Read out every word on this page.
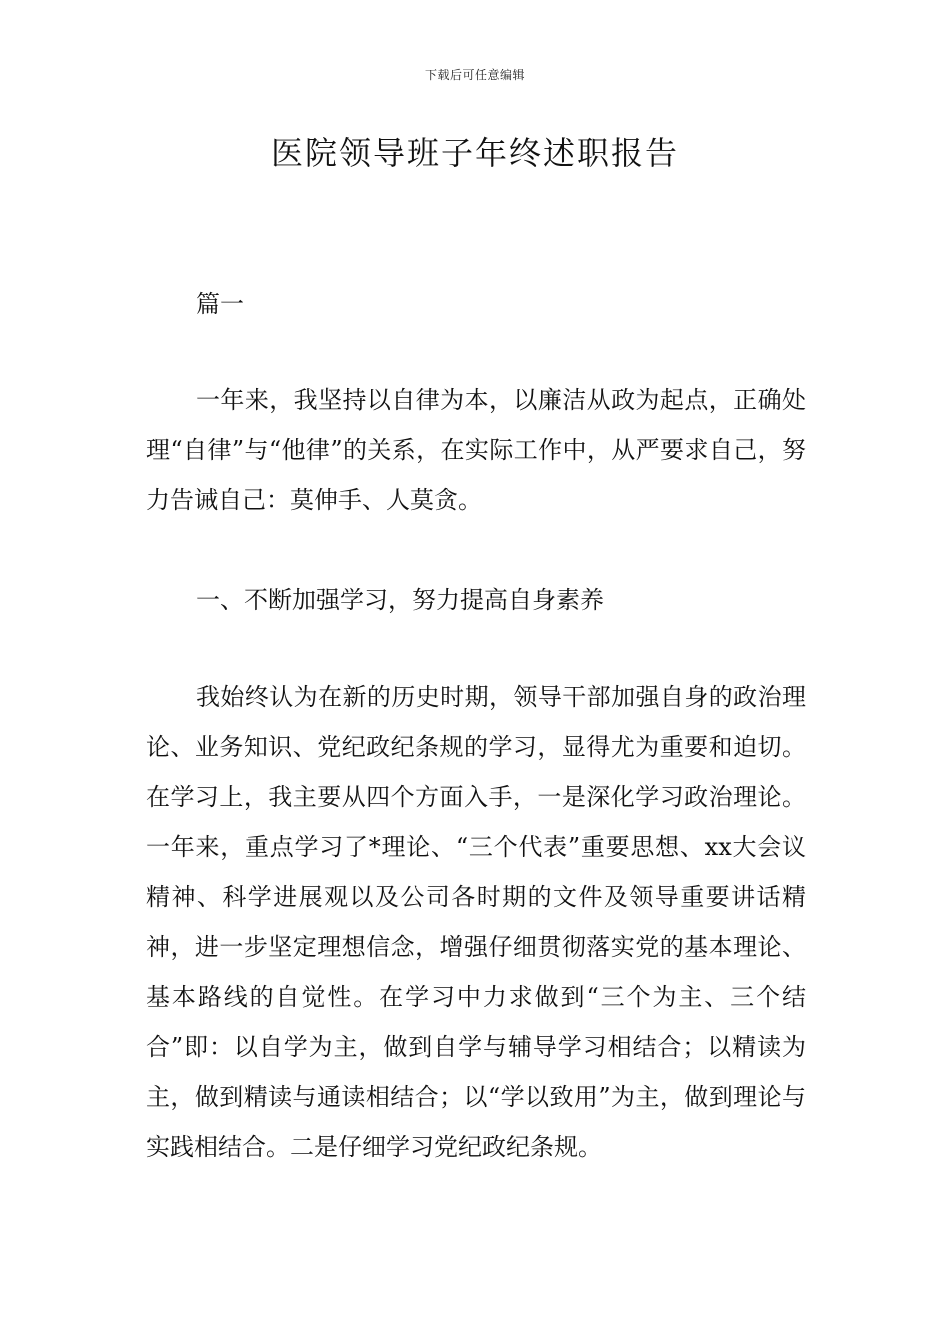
下载后可任意编辑
医院领导班子年终述职报告
篇一

一年来，我坚持以自律为本，以廉洁从政为起点，正确处理“自律”与“他律”的关系，在实际工作中，从严要求自己，努力告诫自己：莫伸手、人莫贪。

一、不断加强学习，努力提高自身素养

我始终认为在新的历史时期，领导干部加强自身的政治理论、业务知识、党纪政纪条规的学习，显得尤为重要和迫切。在学习上，我主要从四个方面入手，一是深化学习政治理论。一年来，重点学习了*理论、“三个代表”重要思想、xx大会议精神、科学进展观以及公司各时期的文件及领导重要讲话精神，进一步坚定理想信念，增强仔细贯彻落实党的基本理论、基本路线的自觉性。在学习中力求做到“三个为主、三个结合”即：以自学为主，做到自学与辅导学习相结合；以精读为主，做到精读与通读相结合；以“学以致用”为主，做到理论与实践相结合。二是仔细学习党纪政纪条规。
